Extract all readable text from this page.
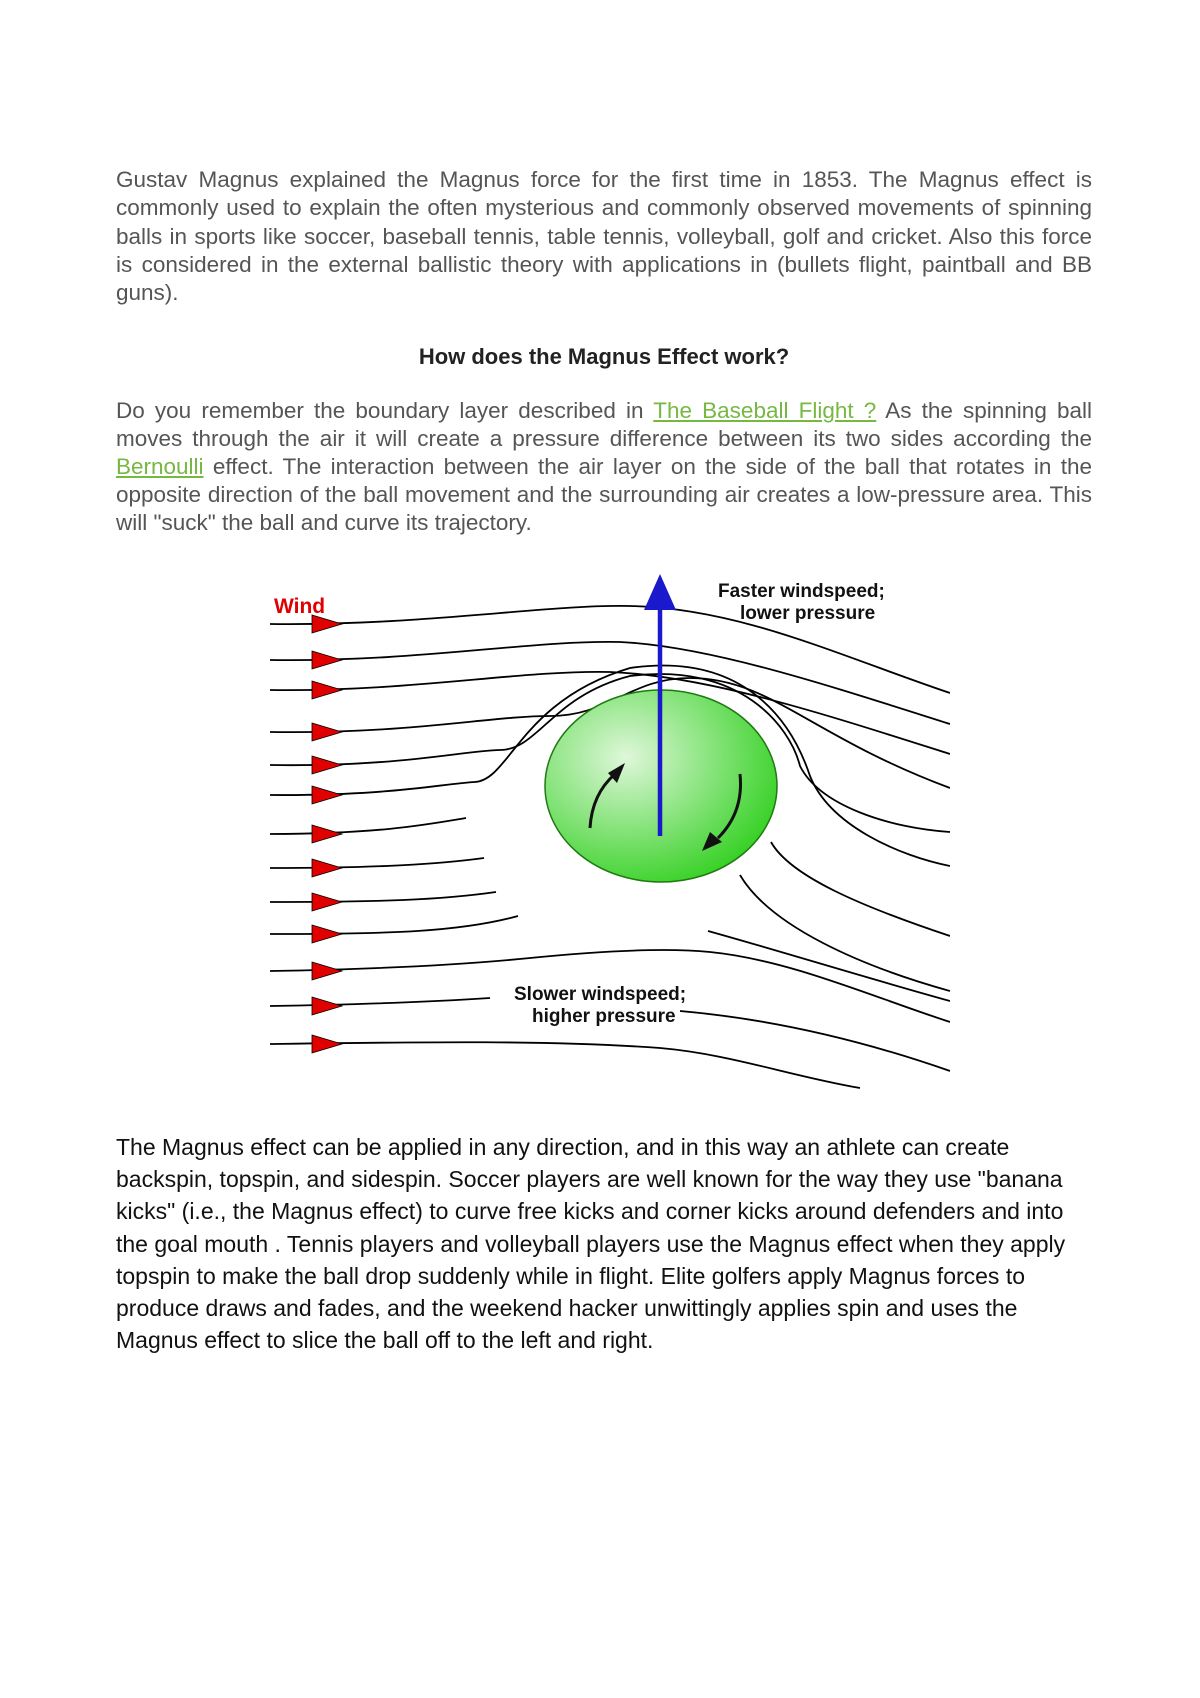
Gustav Magnus explained the Magnus force for the first time in 1853. The Magnus effect is commonly used to explain the often mysterious and commonly observed movements of spinning balls in sports like soccer, baseball tennis, table tennis, volleyball, golf and cricket. Also this force is considered in the external ballistic theory with applications in (bullets flight, paintball and BB guns).

How does the Magnus Effect work?

Do you remember the boundary layer described in The Baseball Flight ? As the spinning ball moves through the air it will create a pressure difference between its two sides according the Bernoulli effect. The interaction between the air layer on the side of the ball that rotates in the opposite direction of the ball movement and the surrounding air creates a low-pressure area. This will "suck" the ball and curve its trajectory.

Wind
Faster windspeed;
lower pressure
Slower windspeed;
higher pressure

The Magnus effect can be applied in any direction, and in this way an athlete can create backspin, topspin, and sidespin. Soccer players are well known for the way they use "banana kicks" (i.e., the Magnus effect) to curve free kicks and corner kicks around defenders and into the goal mouth . Tennis players and volleyball players use the Magnus effect when they apply topspin to make the ball drop suddenly while in flight. Elite golfers apply Magnus forces to produce draws and fades, and the weekend hacker unwittingly applies spin and uses the Magnus effect to slice the ball off to the left and right.
